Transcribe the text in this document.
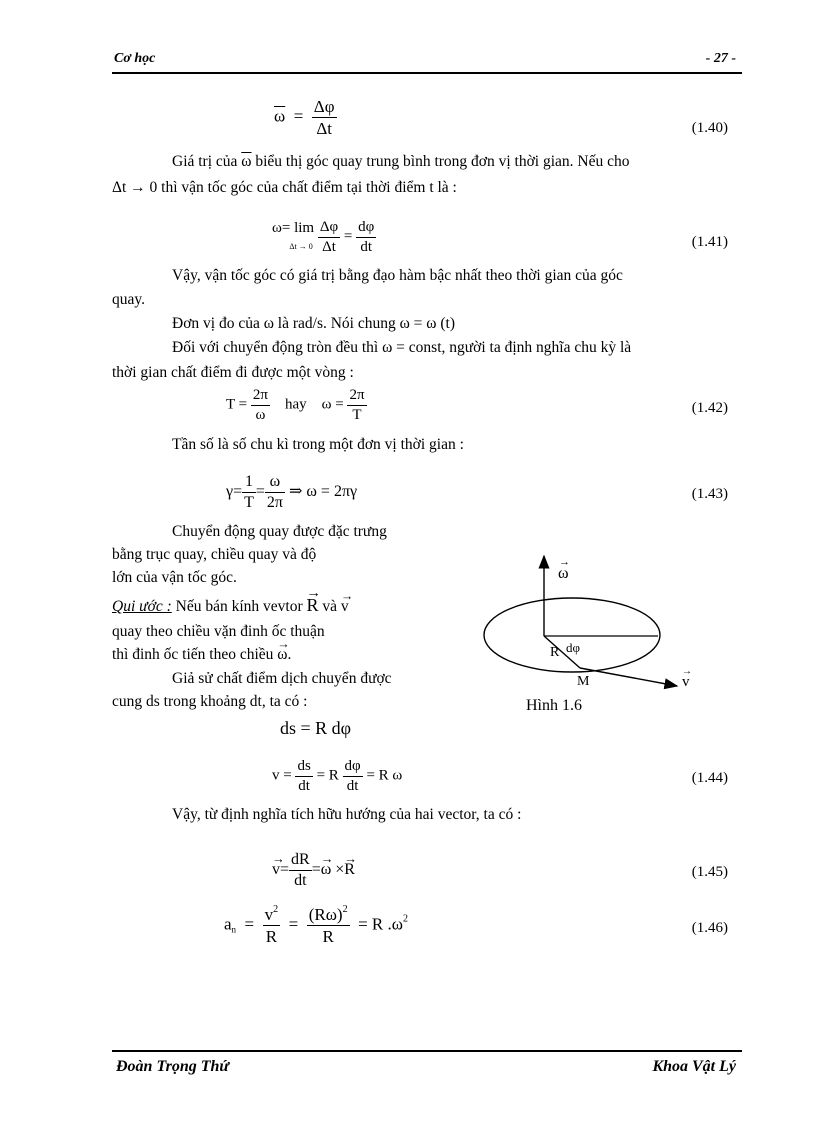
Cơ học	- 27 -
$\overline{\omega} = \frac{\Delta\varphi}{\Delta t}$	(1.40)
Giá trị của $\overline{\omega}$ biểu thị góc quay trung bình trong đơn vị thời gian. Nếu cho
Δt → 0 thì vận tốc góc của chất điểm tại thời điểm t là :
ω= lim
$\Delta t \to 0 \frac{\Delta\varphi}{\Delta t} = \frac{d\varphi}{dt}$	(1.41)
Vậy, vận tốc góc có giá trị bằng đạo hàm bậc nhất theo thời gian của góc
quay.
Đơn vị đo của ω là rad/s. Nói chung ω = ω (t)
Đối với chuyển động tròn đều thì ω = const, người ta định nghĩa chu kỳ là
thời gian chất điểm đi được một vòng :
$T = \frac{2\pi}{\omega}$ hay $\omega = \frac{2\pi}{T}$	(1.42)
Tần số là số chu kì trong một đơn vị thời gian :
$\gamma= \frac{1}{T} = \frac{\omega}{2\pi}$ ⇒ ω = 2πγ	(1.43)
Chuyển động quay được đặc trưng
bằng trục quay, chiều quay và độ
lớn của vận tốc góc.
Qui ước : Nếu bán kính vevtor → R và → v
quay theo chiều vặn đinh ốc thuận
thì đinh ốc tiến theo chiều → ω.
Giả sử chất điểm dịch chuyển được
cung ds trong khoảng dt, ta có :
ω
→
R dφ
M	v
→
Hình 1.6
ds = R dφ
$v = \frac{ds}{dt} = R \frac{d\varphi}{dt} = R$ ω	(1.44)
Vậy, từ định nghĩa tích hữu hướng của hai vector, ta có :
→ $v= \frac{dR}{dt} =\to \omega \times\to R$	(1.45)
$a_n = \frac{v^2}{R} = \frac{(R\omega)^2}{R} = R$ $.\omega^2$
(1.46)
Đoàn Trọng Thứ	Khoa Vật Lý
